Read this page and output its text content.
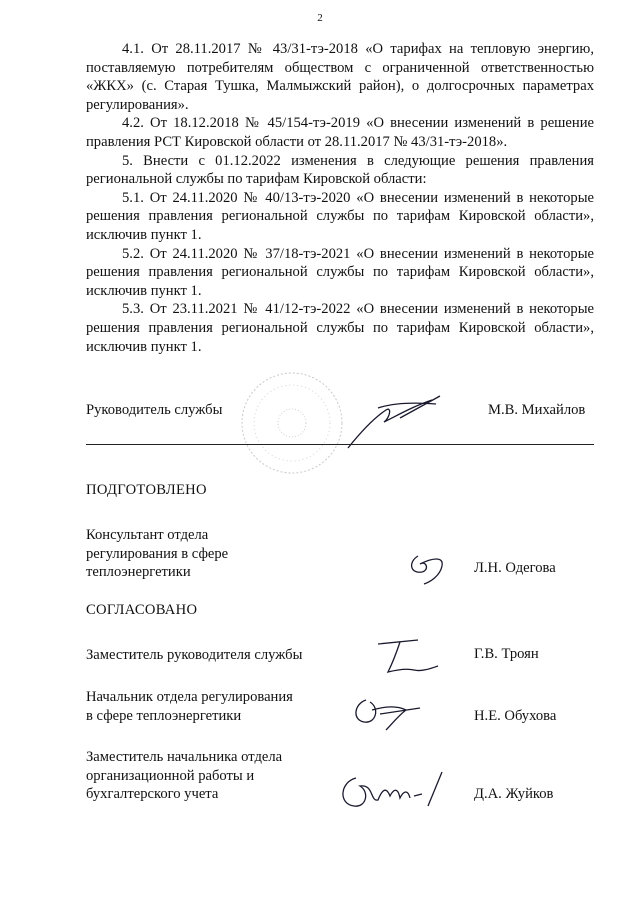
2

4.1. От 28.11.2017 № 43/31-тэ-2018 «О тарифах на тепловую энергию, поставляемую потребителям обществом с ограниченной ответственностью «ЖКХ» (с. Старая Тушка, Малмыжский район), о долгосрочных параметрах регулирования».

4.2. От 18.12.2018 № 45/154-тэ-2019 «О внесении изменений в решение правления РСТ Кировской области от 28.11.2017 № 43/31-тэ-2018».

5. Внести с 01.12.2022 изменения в следующие решения правления региональной службы по тарифам Кировской области:

5.1. От 24.11.2020 № 40/13-тэ-2020 «О внесении изменений в некоторые решения правления региональной службы по тарифам Кировской области», исключив пункт 1.

5.2. От 24.11.2020 № 37/18-тэ-2021 «О внесении изменений в некоторые решения правления региональной службы по тарифам Кировской области», исключив пункт 1.

5.3. От 23.11.2021 № 41/12-тэ-2022 «О внесении изменений в некоторые решения правления региональной службы по тарифам Кировской области», исключив пункт 1.

Руководитель службы	М.В. Михайлов
ПОДГОТОВЛЕНО
Консультант отдела
регулирования в сфере
теплоэнергетики	Л.Н. Одегова
СОГЛАСОВАНО
Заместитель руководителя службы	Г.В. Троян
Начальник отдела регулирования
в сфере теплоэнергетики	Н.Е. Обухова
Заместитель начальника отдела
организационной работы и
бухгалтерского учета	Д.А. Жуйков
